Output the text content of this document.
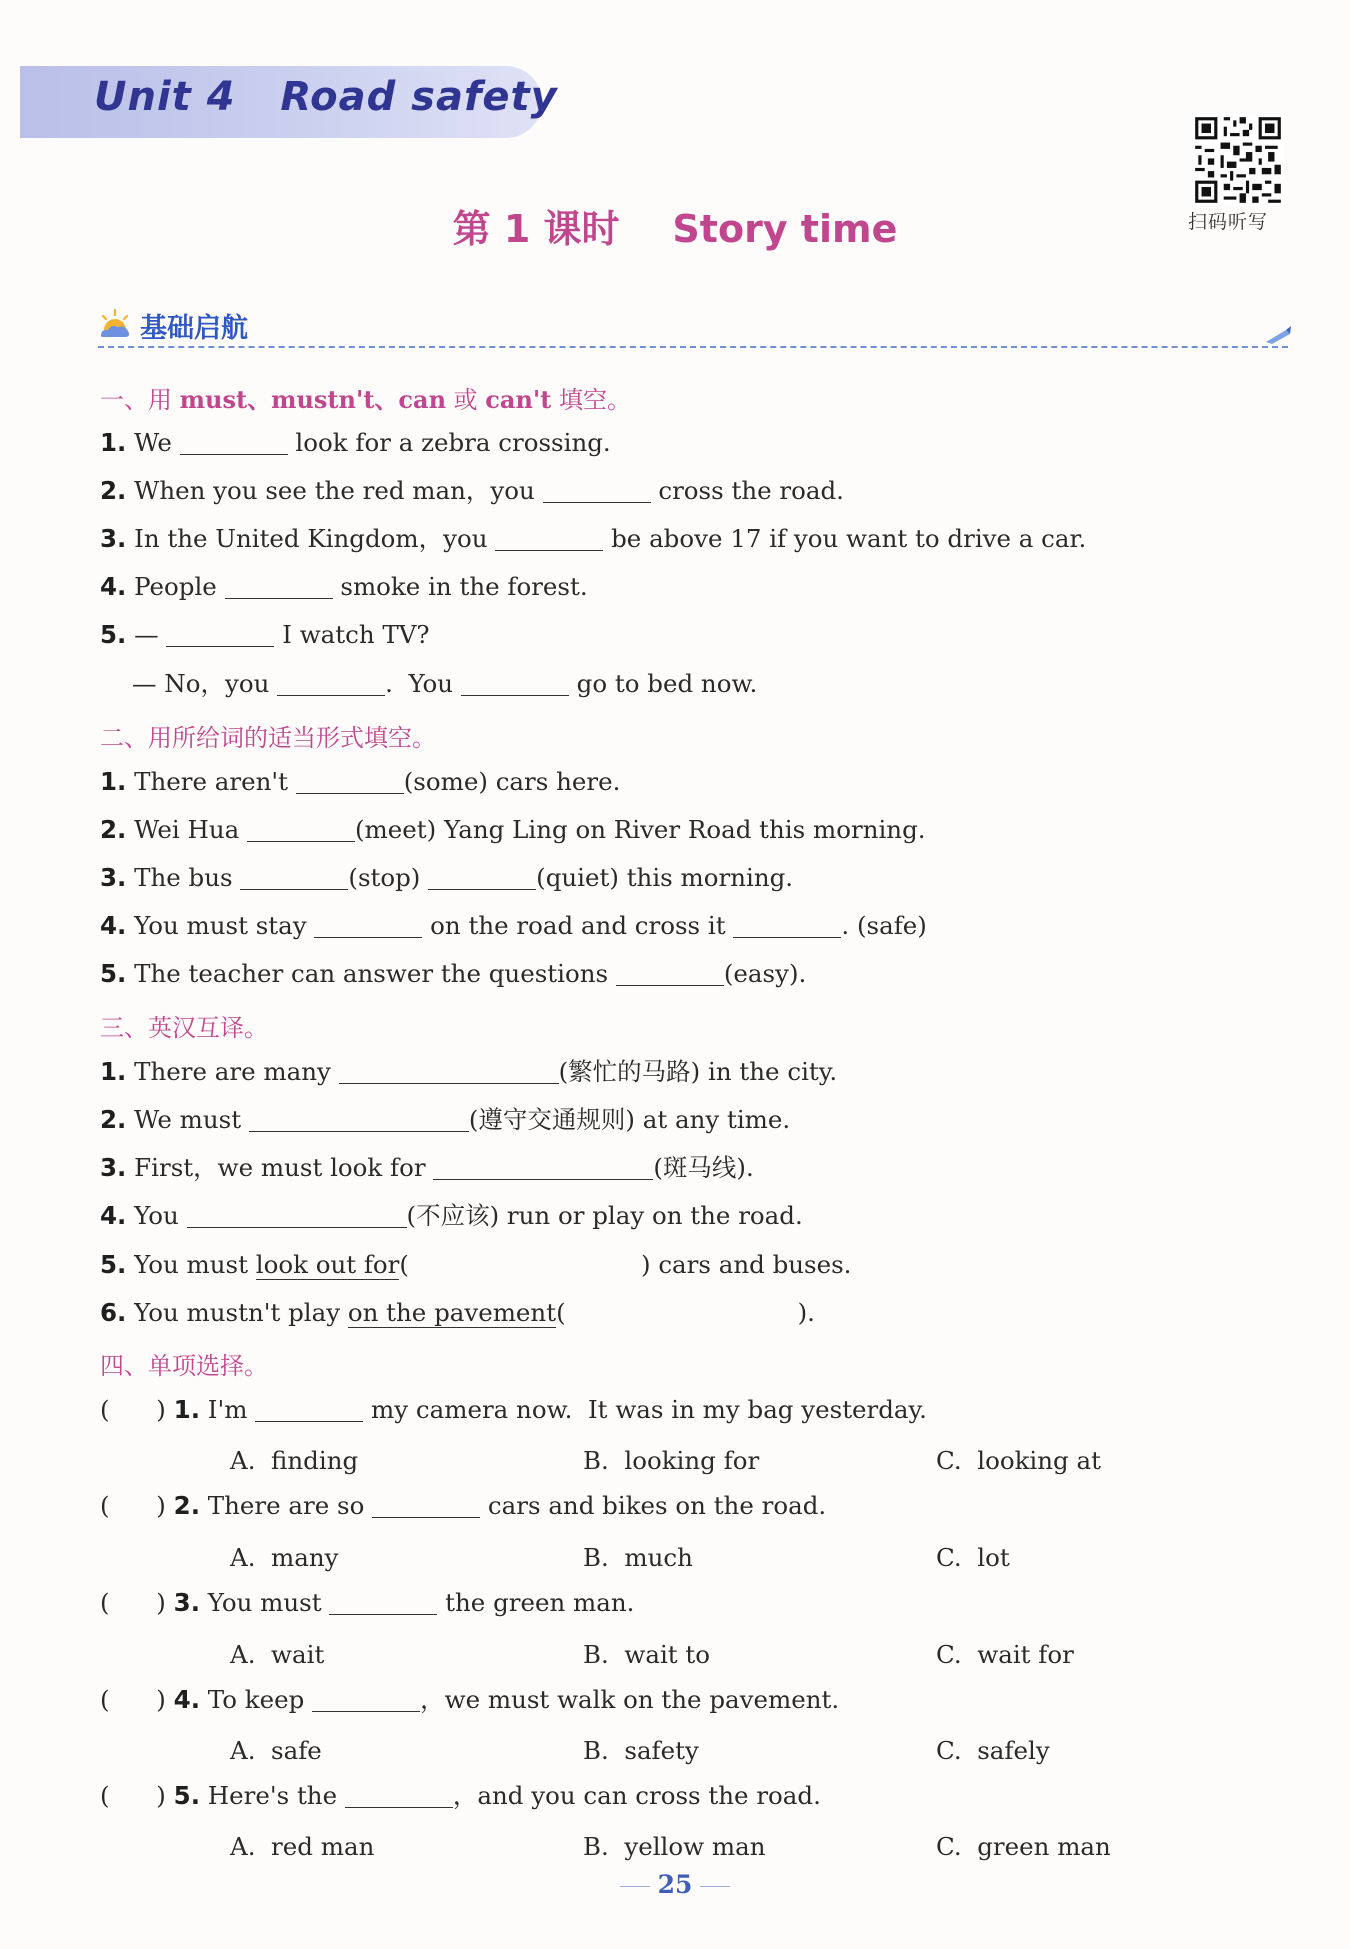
Unit 4   Road safety
扫码听写
第 1 课时    Story time
基础启航
一、用 must、mustn't、can 或 can't 填空。
1. We	look for a zebra crossing.
2. When you see the red man，you	cross the road.
3. In the United Kingdom，you	be above 17 if you want to drive a car.
4. People	smoke in the forest.
5. —	I watch TV?
— No，you	.  You	go to bed now.
二、用所给词的适当形式填空。
1. There aren't	(some) cars here.
2. Wei Hua	(meet) Yang Ling on River Road this morning.
3. The bus	(stop)	(quiet) this morning.
4. You must stay	on the road and cross it	. (safe)
5. The teacher can answer the questions	(easy).
三、英汉互译。
1. There are many	(繁忙的马路) in the city.
2. We must	(遵守交通规则) at any time.
3. First，we must look for	(斑马线).
4. You	(不应该) run or play on the road.
5. You must look out for(	) cars and buses.
6. You mustn't play on the pavement(	).
四、单项选择。
(      ) 1. I'm	my camera now.  It was in my bag yesterday.
A.  finding	B.  looking for	C.  looking at
(      ) 2. There are so	cars and bikes on the road.
A.  many	B.  much	C.  lot
(      ) 3. You must	the green man.
A.  wait	B.  wait to	C.  wait for
(      ) 4. To keep	，we must walk on the pavement.
A.  safe	B.  safety	C.  safely
(      ) 5. Here's the	，and you can cross the road.
A.  red man	B.  yellow man	C.  green man
25
